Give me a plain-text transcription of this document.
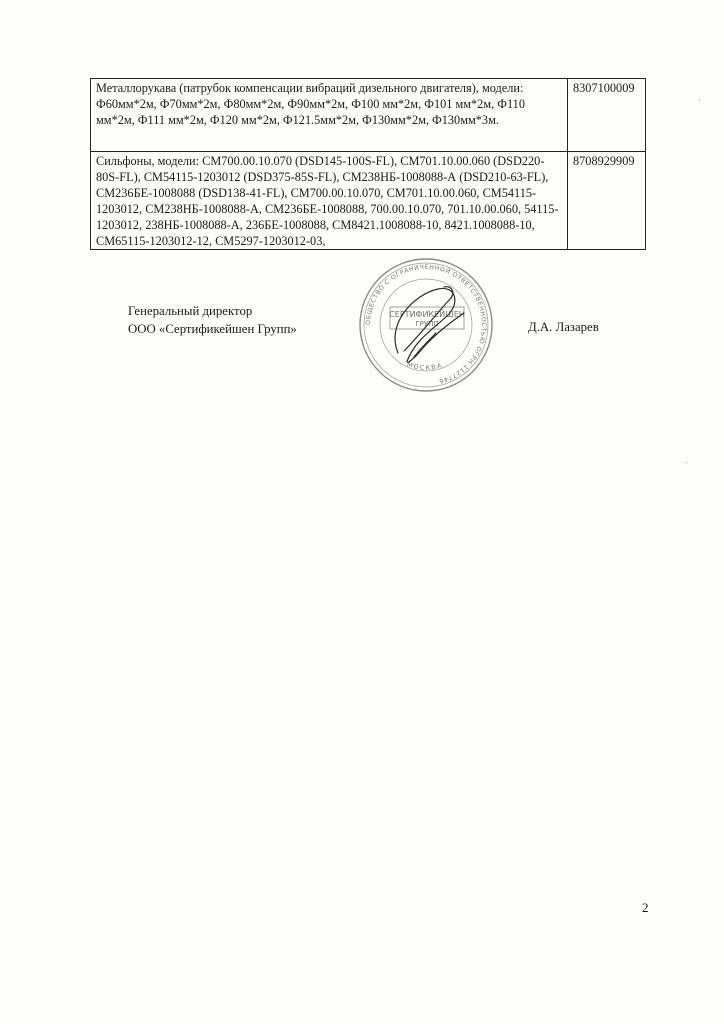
Металлорукава (патрубок компенсации вибраций дизельного двигателя), модели: Ф60мм*2м, Ф70мм*2м, Ф80мм*2м, Ф90мм*2м, Ф100 мм*2м, Ф101 мм*2м, Ф110 мм*2м, Ф111 мм*2м, Ф120 мм*2м, Ф121.5мм*2м, Ф130мм*2м, Ф130мм*3м.	8307100009
Сильфоны, модели: СМ700.00.10.070 (DSD145-100S-FL), СМ701.10.00.060 (DSD220-80S-FL), СМ54115-1203012 (DSD375-85S-FL), СМ238НБ-1008088-А (DSD210-63-FL), СМ236БЕ-1008088 (DSD138-41-FL), СМ700.00.10.070, СМ701.10.00.060, СМ54115-1203012, СМ238НБ-1008088-А, СМ236БЕ-1008088, 700.00.10.070, 701.10.00.060, 54115-1203012, 238НБ-1008088-А, 236БЕ-1008088, СМ8421.1008088-10, 8421.1008088-10, СМ65115-1203012-12, СМ5297-1203012-03,	8708929909
Генеральный директор
ООО «Сертификейшен Групп»	ОБЩЕСТВО С ОГРАНИЧЕННОЙ ОТВЕТСТВЕННОСТЬЮ ОГРН 1127746
МОСКВА
СЕРТИФИКЕЙШЕН
ГРУПП	Д.А. Лазарев
2
